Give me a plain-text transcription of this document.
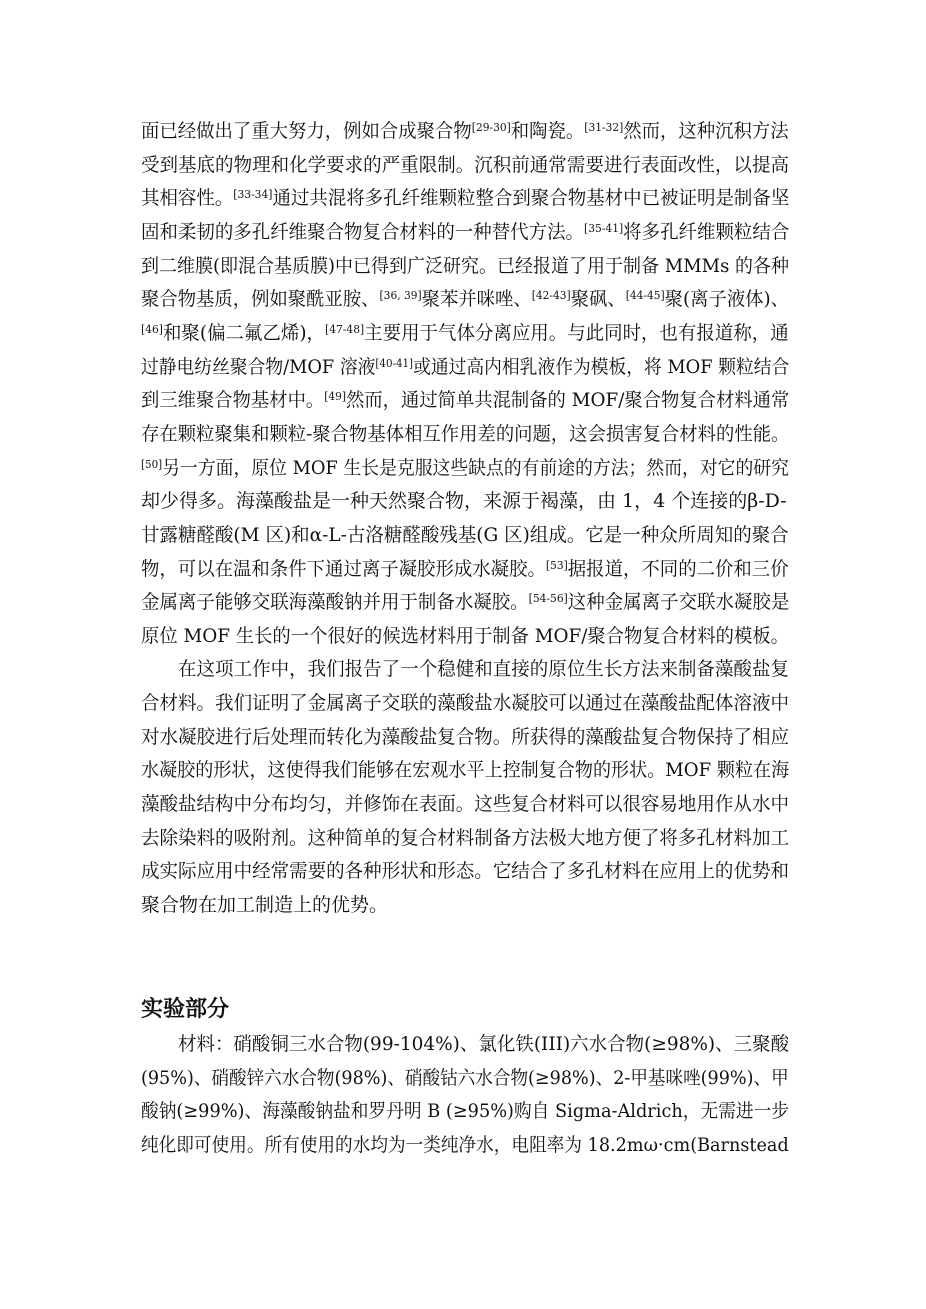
实验部分
面已经做出了重大努力，例如合成聚合物[29-30]和陶瓷。[31-32]然而，这种沉积方法
受到基底的物理和化学要求的严重限制。沉积前通常需要进行表面改性，以提高
其相容性。[33-34]通过共混将多孔纤维颗粒整合到聚合物基材中已被证明是制备坚
固和柔韧的多孔纤维聚合物复合材料的一种替代方法。[35-41]将多孔纤维颗粒结合
到二维膜(即混合基质膜)中已得到广泛研究。已经报道了用于制备 MMMs 的各种
聚合物基质，例如聚酰亚胺、[36, 39]聚苯并咪唑、[42-43]聚砜、[44-45]聚(离子液体)、
[46]和聚(偏二氟乙烯)，[47-48]主要用于气体分离应用。与此同时，也有报道称，通
过静电纺丝聚合物/MOF 溶液[40-41]或通过高内相乳液作为模板，将 MOF 颗粒结合
到三维聚合物基材中。[49]然而，通过简单共混制备的 MOF/聚合物复合材料通常
存在颗粒聚集和颗粒-聚合物基体相互作用差的问题，这会损害复合材料的性能。
[50]另一方面，原位 MOF 生长是克服这些缺点的有前途的方法；然而，对它的研究
却少得多。海藻酸盐是一种天然聚合物，来源于褐藻，由 1，4 个连接的β-D-
甘露糖醛酸(M 区)和α-L-古洛糖醛酸残基(G 区)组成。它是一种众所周知的聚合
物，可以在温和条件下通过离子凝胶形成水凝胶。[53]据报道，不同的二价和三价
金属离子能够交联海藻酸钠并用于制备水凝胶。[54-56]这种金属离子交联水凝胶是
原位 MOF 生长的一个很好的候选材料用于制备 MOF/聚合物复合材料的模板。
　　在这项工作中，我们报告了一个稳健和直接的原位生长方法来制备藻酸盐复
合材料。我们证明了金属离子交联的藻酸盐水凝胶可以通过在藻酸盐配体溶液中
对水凝胶进行后处理而转化为藻酸盐复合物。所获得的藻酸盐复合物保持了相应
水凝胶的形状，这使得我们能够在宏观水平上控制复合物的形状。MOF 颗粒在海
藻酸盐结构中分布均匀，并修饰在表面。这些复合材料可以很容易地用作从水中
去除染料的吸附剂。这种简单的复合材料制备方法极大地方便了将多孔材料加工
成实际应用中经常需要的各种形状和形态。它结合了多孔材料在应用上的优势和
聚合物在加工制造上的优势。
　　材料：硝酸铜三水合物(99-104%)、氯化铁(III)六水合物(≥98%)、三聚酸
(95%)、硝酸锌六水合物(98%)、硝酸钴六水合物(≥98%)、2-甲基咪唑(99%)、甲
酸钠(≥99%)、海藻酸钠盐和罗丹明 B (≥95%)购自 Sigma-Aldrich，无需进一步
纯化即可使用。所有使用的水均为一类纯净水，电阻率为 18.2mω·cm(Barnstead
